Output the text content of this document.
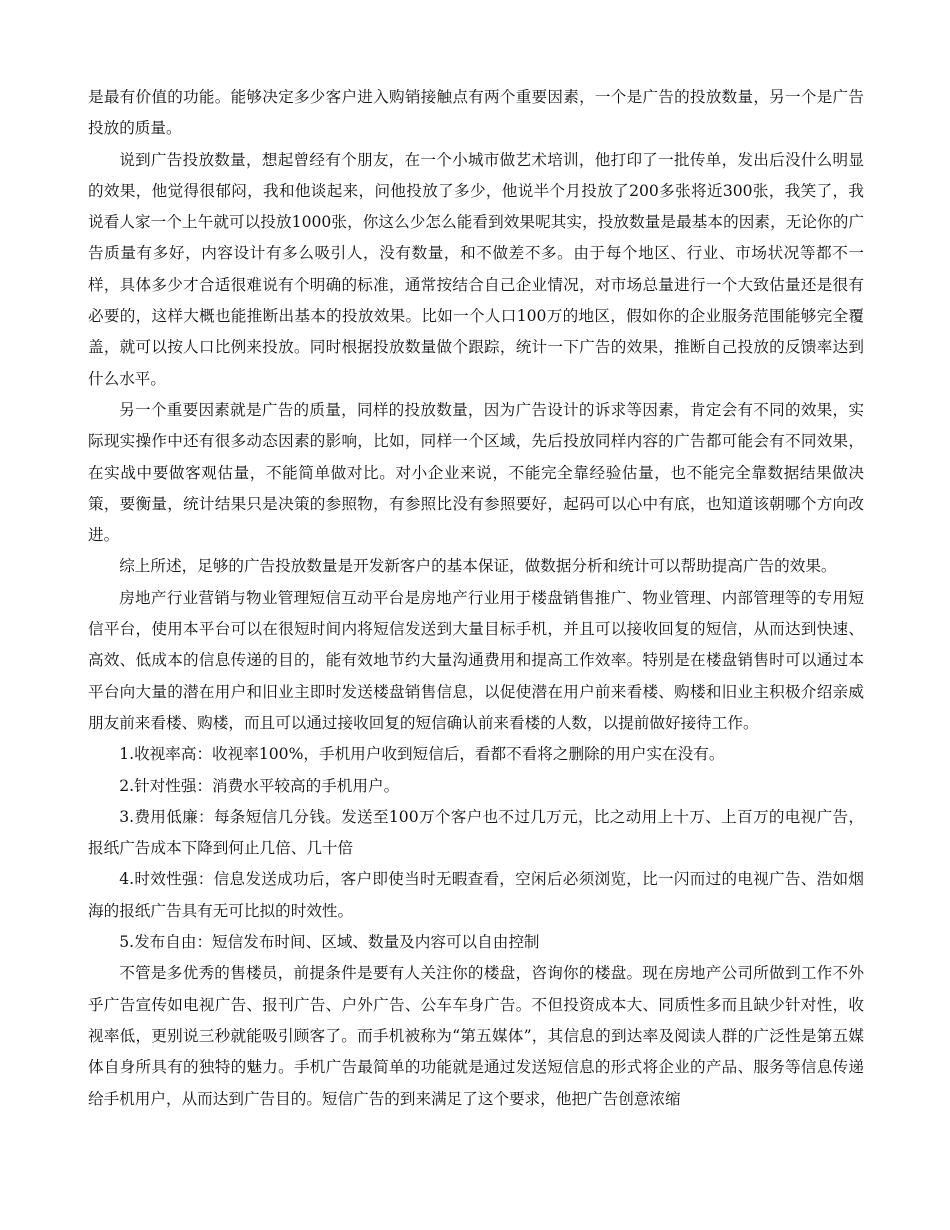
是最有价值的功能。能够决定多少客户进入购销接触点有两个重要因素，一个是广告的投放数量，另一个是广告投放的质量。

说到广告投放数量，想起曾经有个朋友，在一个小城市做艺术培训，他打印了一批传单，发出后没什么明显的效果，他觉得很郁闷，我和他谈起来，问他投放了多少，他说半个月投放了200多张将近300张，我笑了，我说看人家一个上午就可以投放1000张，你这么少怎么能看到效果呢其实，投放数量是最基本的因素，无论你的广告质量有多好，内容设计有多么吸引人，没有数量，和不做差不多。由于每个地区、行业、市场状况等都不一样，具体多少才合适很难说有个明确的标准，通常按结合自己企业情况，对市场总量进行一个大致估量还是很有必要的，这样大概也能推断出基本的投放效果。比如一个人口100万的地区，假如你的企业服务范围能够完全覆盖，就可以按人口比例来投放。同时根据投放数量做个跟踪，统计一下广告的效果，推断自己投放的反馈率达到什么水平。

另一个重要因素就是广告的质量，同样的投放数量，因为广告设计的诉求等因素，肯定会有不同的效果，实际现实操作中还有很多动态因素的影响，比如，同样一个区域，先后投放同样内容的广告都可能会有不同效果，在实战中要做客观估量，不能简单做对比。对小企业来说，不能完全靠经验估量，也不能完全靠数据结果做决策，要衡量，统计结果只是决策的参照物，有参照比没有参照要好，起码可以心中有底，也知道该朝哪个方向改进。

综上所述，足够的广告投放数量是开发新客户的基本保证，做数据分析和统计可以帮助提高广告的效果。

房地产行业营销与物业管理短信互动平台是房地产行业用于楼盘销售推广、物业管理、内部管理等的专用短信平台，使用本平台可以在很短时间内将短信发送到大量目标手机，并且可以接收回复的短信，从而达到快速、高效、低成本的信息传递的目的，能有效地节约大量沟通费用和提高工作效率。特别是在楼盘销售时可以通过本平台向大量的潜在用户和旧业主即时发送楼盘销售信息，以促使潜在用户前来看楼、购楼和旧业主积极介绍亲威朋友前来看楼、购楼，而且可以通过接收回复的短信确认前来看楼的人数，以提前做好接待工作。

1.收视率高：收视率100%，手机用户收到短信后，看都不看将之删除的用户实在没有。

2.针对性强：消费水平较高的手机用户。

3.费用低廉：每条短信几分钱。发送至100万个客户也不过几万元，比之动用上十万、上百万的电视广告，报纸广告成本下降到何止几倍、几十倍

4.时效性强：信息发送成功后，客户即使当时无暇查看，空闲后必须浏览，比一闪而过的电视广告、浩如烟海的报纸广告具有无可比拟的时效性。

5.发布自由：短信发布时间、区域、数量及内容可以自由控制

不管是多优秀的售楼员，前提条件是要有人关注你的楼盘，咨询你的楼盘。现在房地产公司所做到工作不外乎广告宣传如电视广告、报刊广告、户外广告、公车车身广告。不但投资成本大、同质性多而且缺少针对性，收视率低，更别说三秒就能吸引顾客了。而手机被称为“第五媒体”，其信息的到达率及阅读人群的广泛性是第五媒体自身所具有的独特的魅力。手机广告最简单的功能就是通过发送短信息的形式将企业的产品、服务等信息传递给手机用户，从而达到广告目的。短信广告的到来满足了这个要求，他把广告创意浓缩
